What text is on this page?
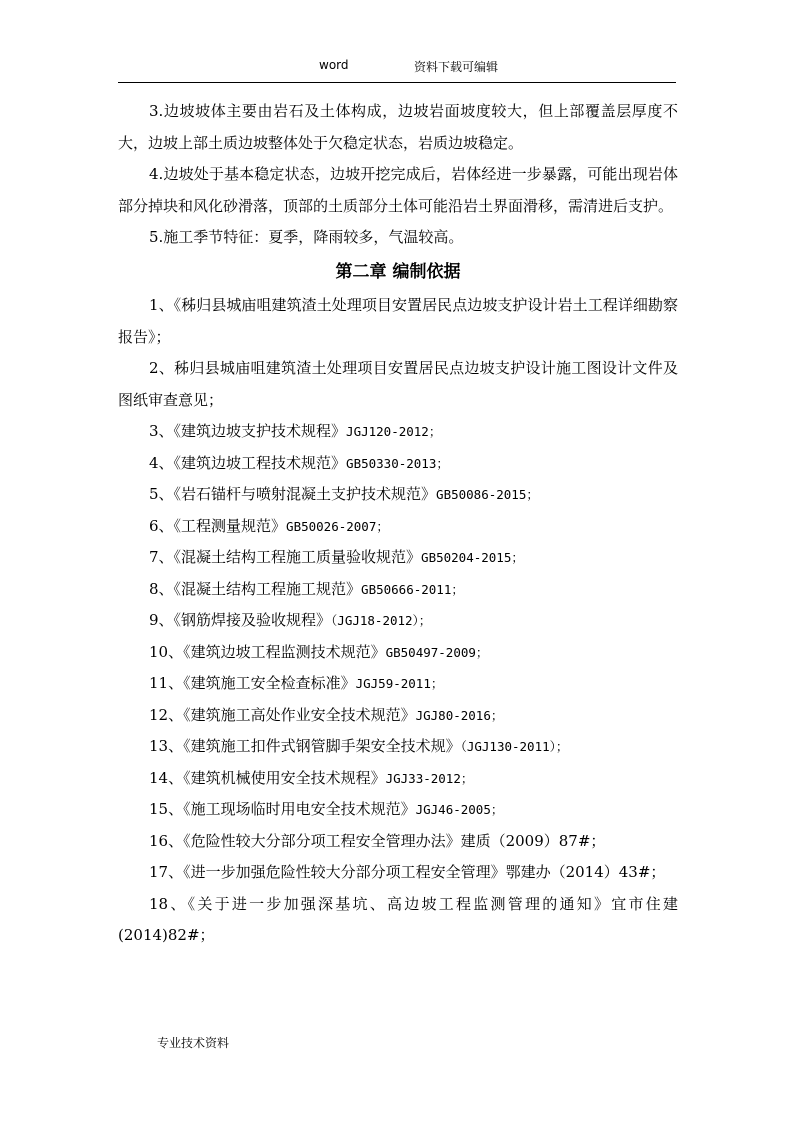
word	资料下载可编辑

3.边坡坡体主要由岩石及土体构成，边坡岩面坡度较大，但上部覆盖层厚度不大，边坡上部土质边坡整体处于欠稳定状态，岩质边坡稳定。

4.边坡处于基本稳定状态，边坡开挖完成后，岩体经进一步暴露，可能出现岩体部分掉块和风化砂滑落，顶部的土质部分土体可能沿岩土界面滑移，需清进后支护。

5.施工季节特征：夏季，降雨较多，气温较高。

第二章 编制依据

1、《秭归县城庙咀建筑渣土处理项目安置居民点边坡支护设计岩土工程详细勘察报告》；

2、秭归县城庙咀建筑渣土处理项目安置居民点边坡支护设计施工图设计文件及图纸审查意见；

3、《建筑边坡支护技术规程》JGJ120-2012；

4、《建筑边坡工程技术规范》GB50330-2013；

5、《岩石锚杆与喷射混凝土支护技术规范》GB50086-2015；

6、《工程测量规范》GB50026-2007；

7、《混凝土结构工程施工质量验收规范》GB50204-2015；

8、《混凝土结构工程施工规范》GB50666-2011；

9、《钢筋焊接及验收规程》（JGJ18-2012）；

10、《建筑边坡工程监测技术规范》GB50497-2009；

11、《建筑施工安全检查标准》JGJ59-2011；

12、《建筑施工高处作业安全技术规范》JGJ80-2016；

13、《建筑施工扣件式钢管脚手架安全技术规》（JGJ130-2011）；

14、《建筑机械使用安全技术规程》JGJ33-2012；

15、《施工现场临时用电安全技术规范》JGJ46-2005；

16、《危险性较大分部分项工程安全管理办法》建质（2009）87#；

17、《进一步加强危险性较大分部分项工程安全管理》鄂建办（2014）43#；

18、《关于进一步加强深基坑、高边坡工程监测管理的通知》宜市住建(2014)82#；

专业技术资料
